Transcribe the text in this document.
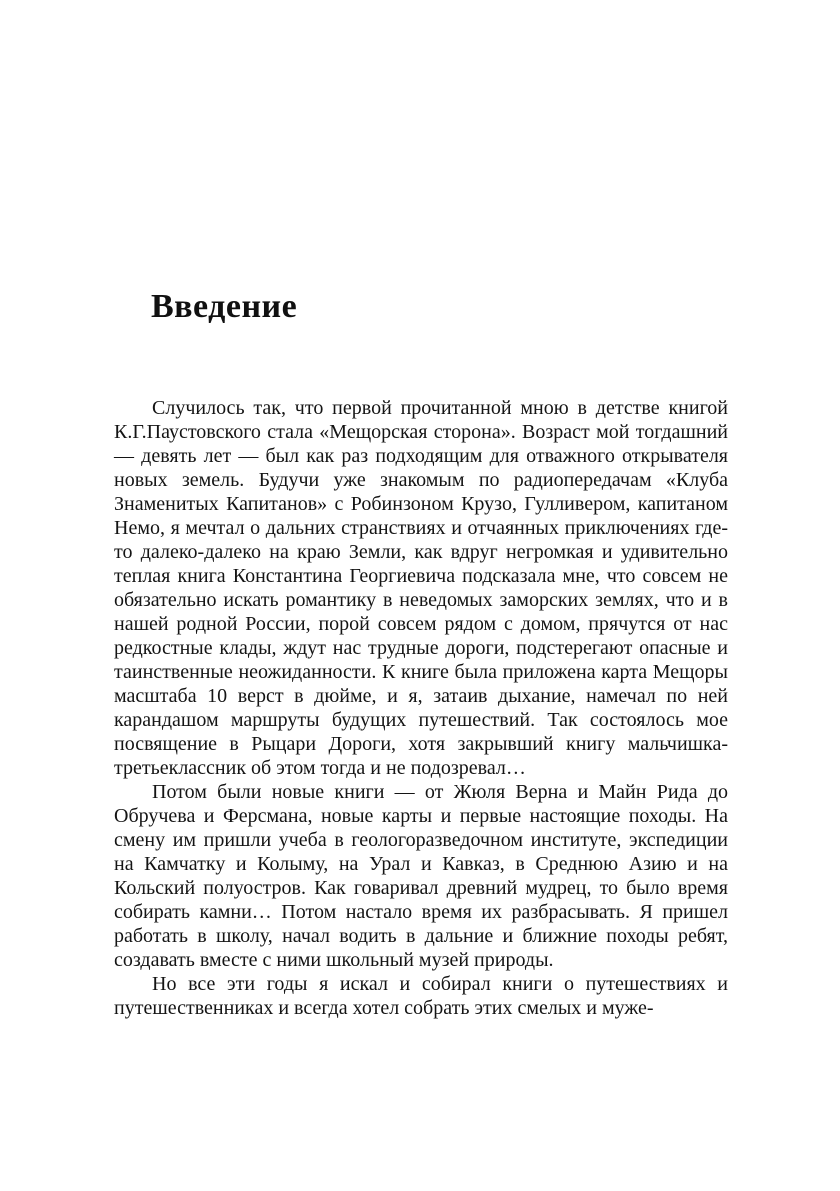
Введение

Случилось так, что первой прочитанной мною в детстве книгой К.Г.Паустовского стала «Мещорская сторона». Возраст мой тогдашний — девять лет — был как раз подходящим для отважного открывателя новых земель. Будучи уже знакомым по радиопередачам «Клуба Знаменитых Капитанов» с Робинзоном Крузо, Гулливером, капитаном Немо, я мечтал о дальних странствиях и отчаянных приключениях где-то далеко-далеко на краю Земли, как вдруг негромкая и удивительно теплая книга Константина Георгиевича подсказала мне, что совсем не обязательно искать романтику в неведомых заморских землях, что и в нашей родной России, порой совсем рядом с домом, прячутся от нас редкостные клады, ждут нас трудные дороги, подстерегают опасные и таинственные неожиданности. К книге была приложена карта Мещоры масштаба 10 верст в дюйме, и я, затаив дыхание, намечал по ней карандашом маршруты будущих путешествий. Так состоялось мое посвящение в Рыцари Дороги, хотя закрывший книгу мальчишка-третьеклассник об этом тогда и не подозревал…

Потом были новые книги — от Жюля Верна и Майн Рида до Обручева и Ферсмана, новые карты и первые настоящие походы. На смену им пришли учеба в геологоразведочном институте, экспедиции на Камчатку и Колыму, на Урал и Кавказ, в Среднюю Азию и на Кольский полуостров. Как говаривал древний мудрец, то было время собирать камни… Потом настало время их разбрасывать. Я пришел работать в школу, начал водить в дальние и ближние походы ребят, создавать вместе с ними школьный музей природы.

Но все эти годы я искал и собирал книги о путешествиях и путешественниках и всегда хотел собрать этих смелых и муже-
